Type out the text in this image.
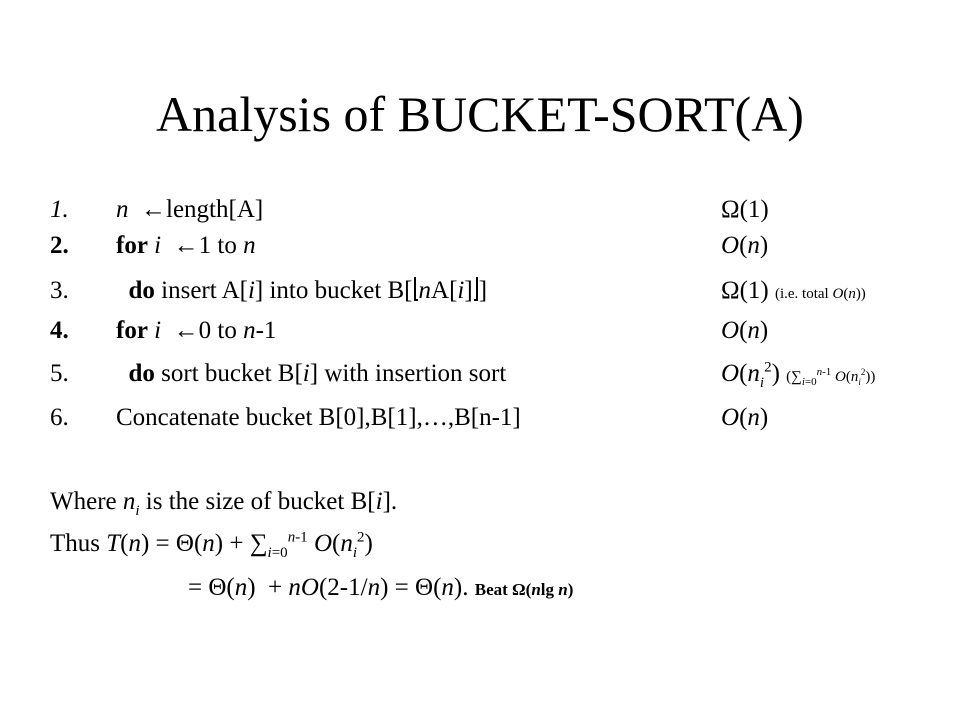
Analysis of BUCKET-SORT(A)
1. n  ←length[A]	Ω(1)
2. for i  ←1 to n	O(n)
3.	do insert A[i] into bucket B[ nA[i] ]	Ω(1) (i.e. total O(n))
4. for i  ←0 to n-1	O(n)
5.	do sort bucket B[i] with insertion sort	$O(n_i^2)$ ($\sum_{i=0}^{n-1}$ $O(n_i^2)$)
6. Concatenate bucket B[0],B[1],…,B[n-1]	O(n)
Where $n_i$ is the size of bucket B[i].
Thus $T(n) = \Theta(n) + \sum_{i=0}^{n-1}$ $O(n_i^2)$
= Θ(n)  + nO(2-1/n) = Θ(n). Beat Ω(nlg n)
